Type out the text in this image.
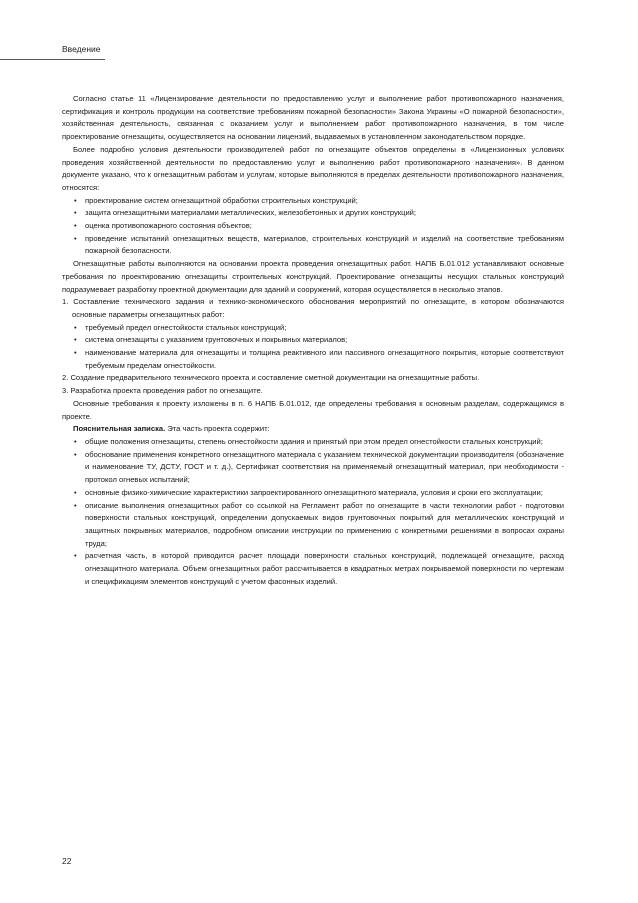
Введение

Согласно статье 11 «Лицензирование деятельности по предоставлению услуг и выполнение работ противопожарного назначения, сертификация и контроль продукции на соответствие требованиям пожарной безопасности» Закона Украины «О пожарной безопасности», хозяйственная деятельность, связанная с оказанием услуг и выполнением работ противопожарного назначения, в том числе проектирование огнезащиты, осуществляется на основании лицензий, выдаваемых в установленном законодательством порядке.

Более подробно условия деятельности производителей работ по огнезащите объектов определены в «Лицензионных условиях проведения хозяйственной деятельности по предоставлению услуг и выполнению работ противопожарного назначения». В данном документе указано, что к огнезащитным работам и услугам, которые выполняются в пределах деятельности противопожарного назначения, относятся:

• проектирование систем огнезащитной обработки строительных конструкций;
• защита огнезащитными материалами металлических, железобетонных и других конструкций;
• оценка противопожарного состояния объектов;
• проведение испытаний огнезащитных веществ, материалов, строительных конструкций и изделий на соответствие требованиям пожарной безопасности.

Огнезащитные работы выполняются на основании проекта проведения огнезащитных работ. НАПБ Б.01.012 устанавливают основные требования по проектированию огнезащиты строительных конструкций. Проектирование огнезащиты несущих стальных конструкций подразумевает разработку проектной документации для зданий и сооружений, которая осуществляется в несколько этапов.

1. Составление технического задания и технико-экономического обоснования мероприятий по огнезащите, в котором обозначаются основные параметры огнезащитных работ:

• требуемый предел огнестойкости стальных конструкций;
• система огнезащиты с указанием грунтовочных и покрывных материалов;
• наименование материала для огнезащиты и толщина реактивного или пассивного огнезащитного покрытия, которые соответствуют требуемым пределам огнестойкости.

2. Создание предварительного технического проекта и составление сметной документации на огнезащитные работы.

3. Разработка проекта проведения работ по огнезащите.

Основные требования к проекту изложены в п. 6 НАПБ Б.01.012, где определены требования к основным разделам, содержащимся в проекте.

Пояснительная записка. Эта часть проекта содержит:

• общие положения огнезащиты, степень огнестойкости здания и принятый при этом предел огнестойкости стальных конструкций;
• обоснование применения конкретного огнезащитного материала с указанием технической документации производителя (обозначение и наименование ТУ, ДСТУ, ГОСТ и т. д.), Сертификат соответствия на применяемый огнезащитный материал, при необходимости - протокол огневых испытаний;
• основные физико-химические характеристики запроектированного огнезащитного материала, условия и сроки его эксплуатации;
• описание выполнения огнезащитных работ со ссылкой на Регламент работ по огнезащите в части технологии работ - подготовки поверхности стальных конструкций, определении допускаемых видов грунтовочных покрытий для металлических конструкций и защитных покрывных материалов, подробном описании инструкции по применению с конкретными решениями в вопросах охраны труда;
• расчетная часть, в которой приводится расчет площади поверхности стальных конструкций, подлежащей огнезащите, расход огнезащитного материала. Объем огнезащитных работ рассчитывается в квадратных метрах покрываемой поверхности по чертежам и спецификациям элементов конструкций с учетом фасонных изделий.
22
